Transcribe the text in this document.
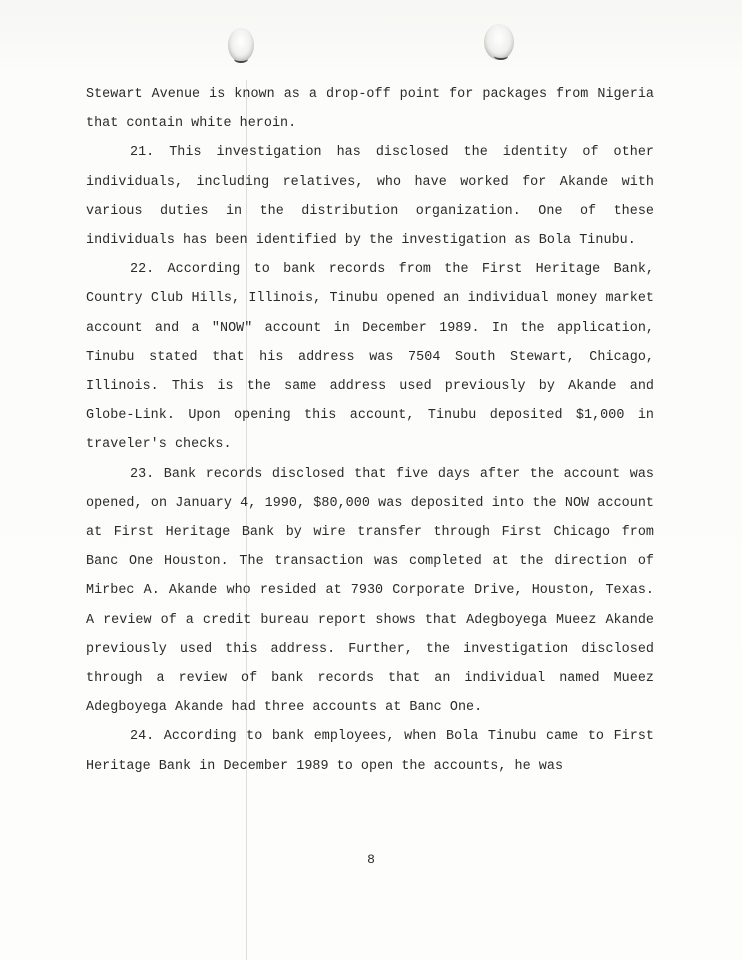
Stewart Avenue is known as a drop-off point for packages from Nigeria that contain white heroin.

21. This investigation has disclosed the identity of other individuals, including relatives, who have worked for Akande with various duties in the distribution organization. One of these individuals has been identified by the investigation as Bola Tinubu.

22. According to bank records from the First Heritage Bank, Country Club Hills, Illinois, Tinubu opened an individual money market account and a "NOW" account in December 1989. In the application, Tinubu stated that his address was 7504 South Stewart, Chicago, Illinois. This is the same address used previously by Akande and Globe-Link. Upon opening this account, Tinubu deposited $1,000 in traveler's checks.

23. Bank records disclosed that five days after the account was opened, on January 4, 1990, $80,000 was deposited into the NOW account at First Heritage Bank by wire transfer through First Chicago from Banc One Houston. The transaction was completed at the direction of Mirbec A. Akande who resided at 7930 Corporate Drive, Houston, Texas. A review of a credit bureau report shows that Adegboyega Mueez Akande previously used this address. Further, the investigation disclosed through a review of bank records that an individual named Mueez Adegboyega Akande had three accounts at Banc One.

24. According to bank employees, when Bola Tinubu came to First Heritage Bank in December 1989 to open the accounts, he was

8
